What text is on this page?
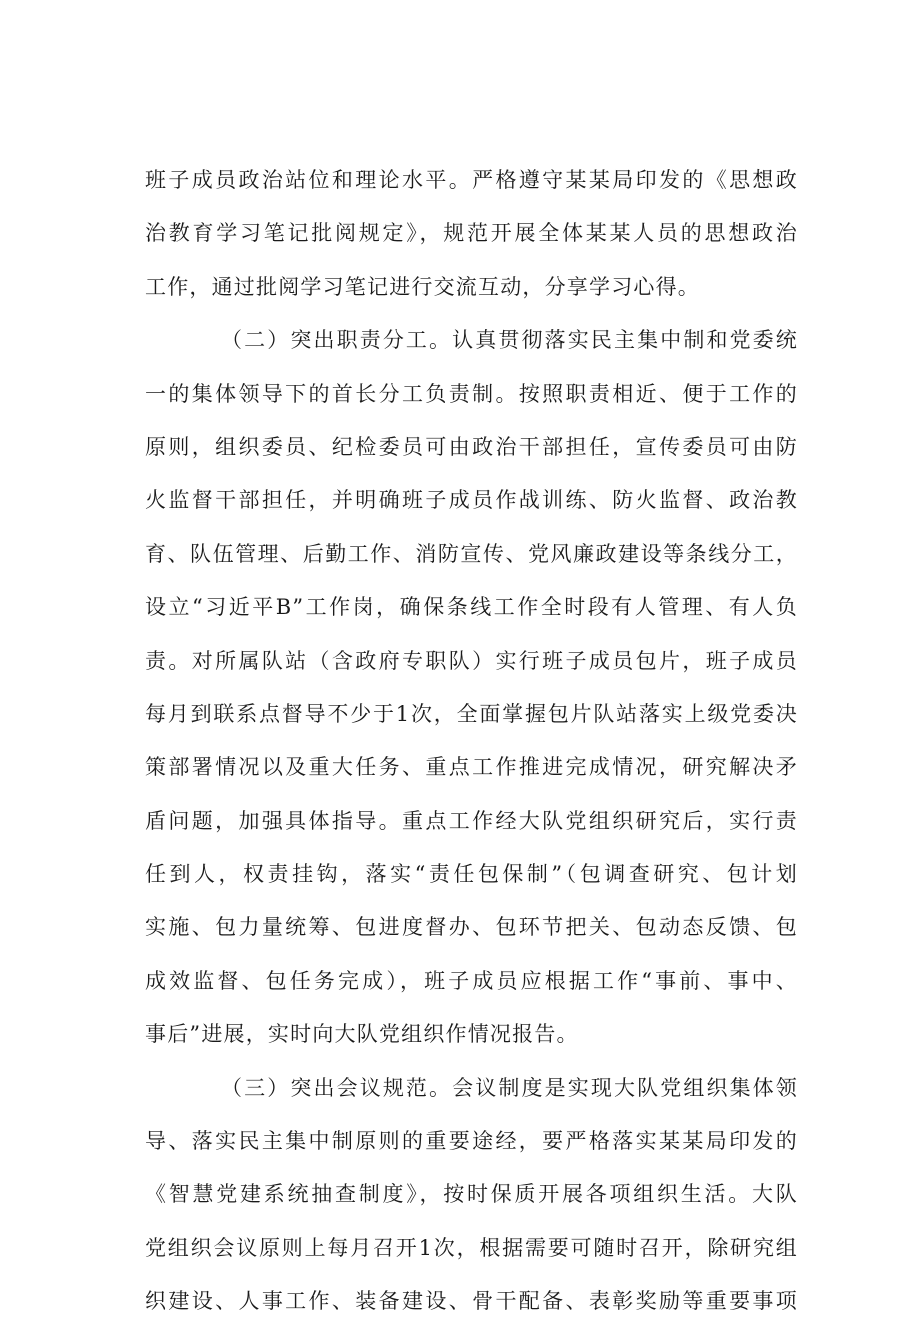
班子成员政治站位和理论水平。严格遵守某某局印发的《思想政
治教育学习笔记批阅规定》，规范开展全体某某人员的思想政治
工作，通过批阅学习笔记进行交流互动，分享学习心得。
（二）突出职责分工。认真贯彻落实民主集中制和党委统
一的集体领导下的首长分工负责制。按照职责相近、便于工作的
原则，组织委员、纪检委员可由政治干部担任，宣传委员可由防
火监督干部担任，并明确班子成员作战训练、防火监督、政治教
育、队伍管理、后勤工作、消防宣传、党风廉政建设等条线分工，
设立“习近平B”工作岗，确保条线工作全时段有人管理、有人负
责。对所属队站（含政府专职队）实行班子成员包片，班子成员
每月到联系点督导不少于1次，全面掌握包片队站落实上级党委决
策部署情况以及重大任务、重点工作推进完成情况，研究解决矛
盾问题，加强具体指导。重点工作经大队党组织研究后，实行责
任到人，权责挂钩，落实“责任包保制”（包调查研究、包计划
实施、包力量统筹、包进度督办、包环节把关、包动态反馈、包
成效监督、包任务完成），班子成员应根据工作“事前、事中、
事后”进展，实时向大队党组织作情况报告。
（三）突出会议规范。会议制度是实现大队党组织集体领
导、落实民主集中制原则的重要途经，要严格落实某某局印发的
《智慧党建系统抽查制度》，按时保质开展各项组织生活。大队
党组织会议原则上每月召开1次，根据需要可随时召开，除研究组
织建设、人事工作、装备建设、骨干配备、表彰奖励等重要事项
